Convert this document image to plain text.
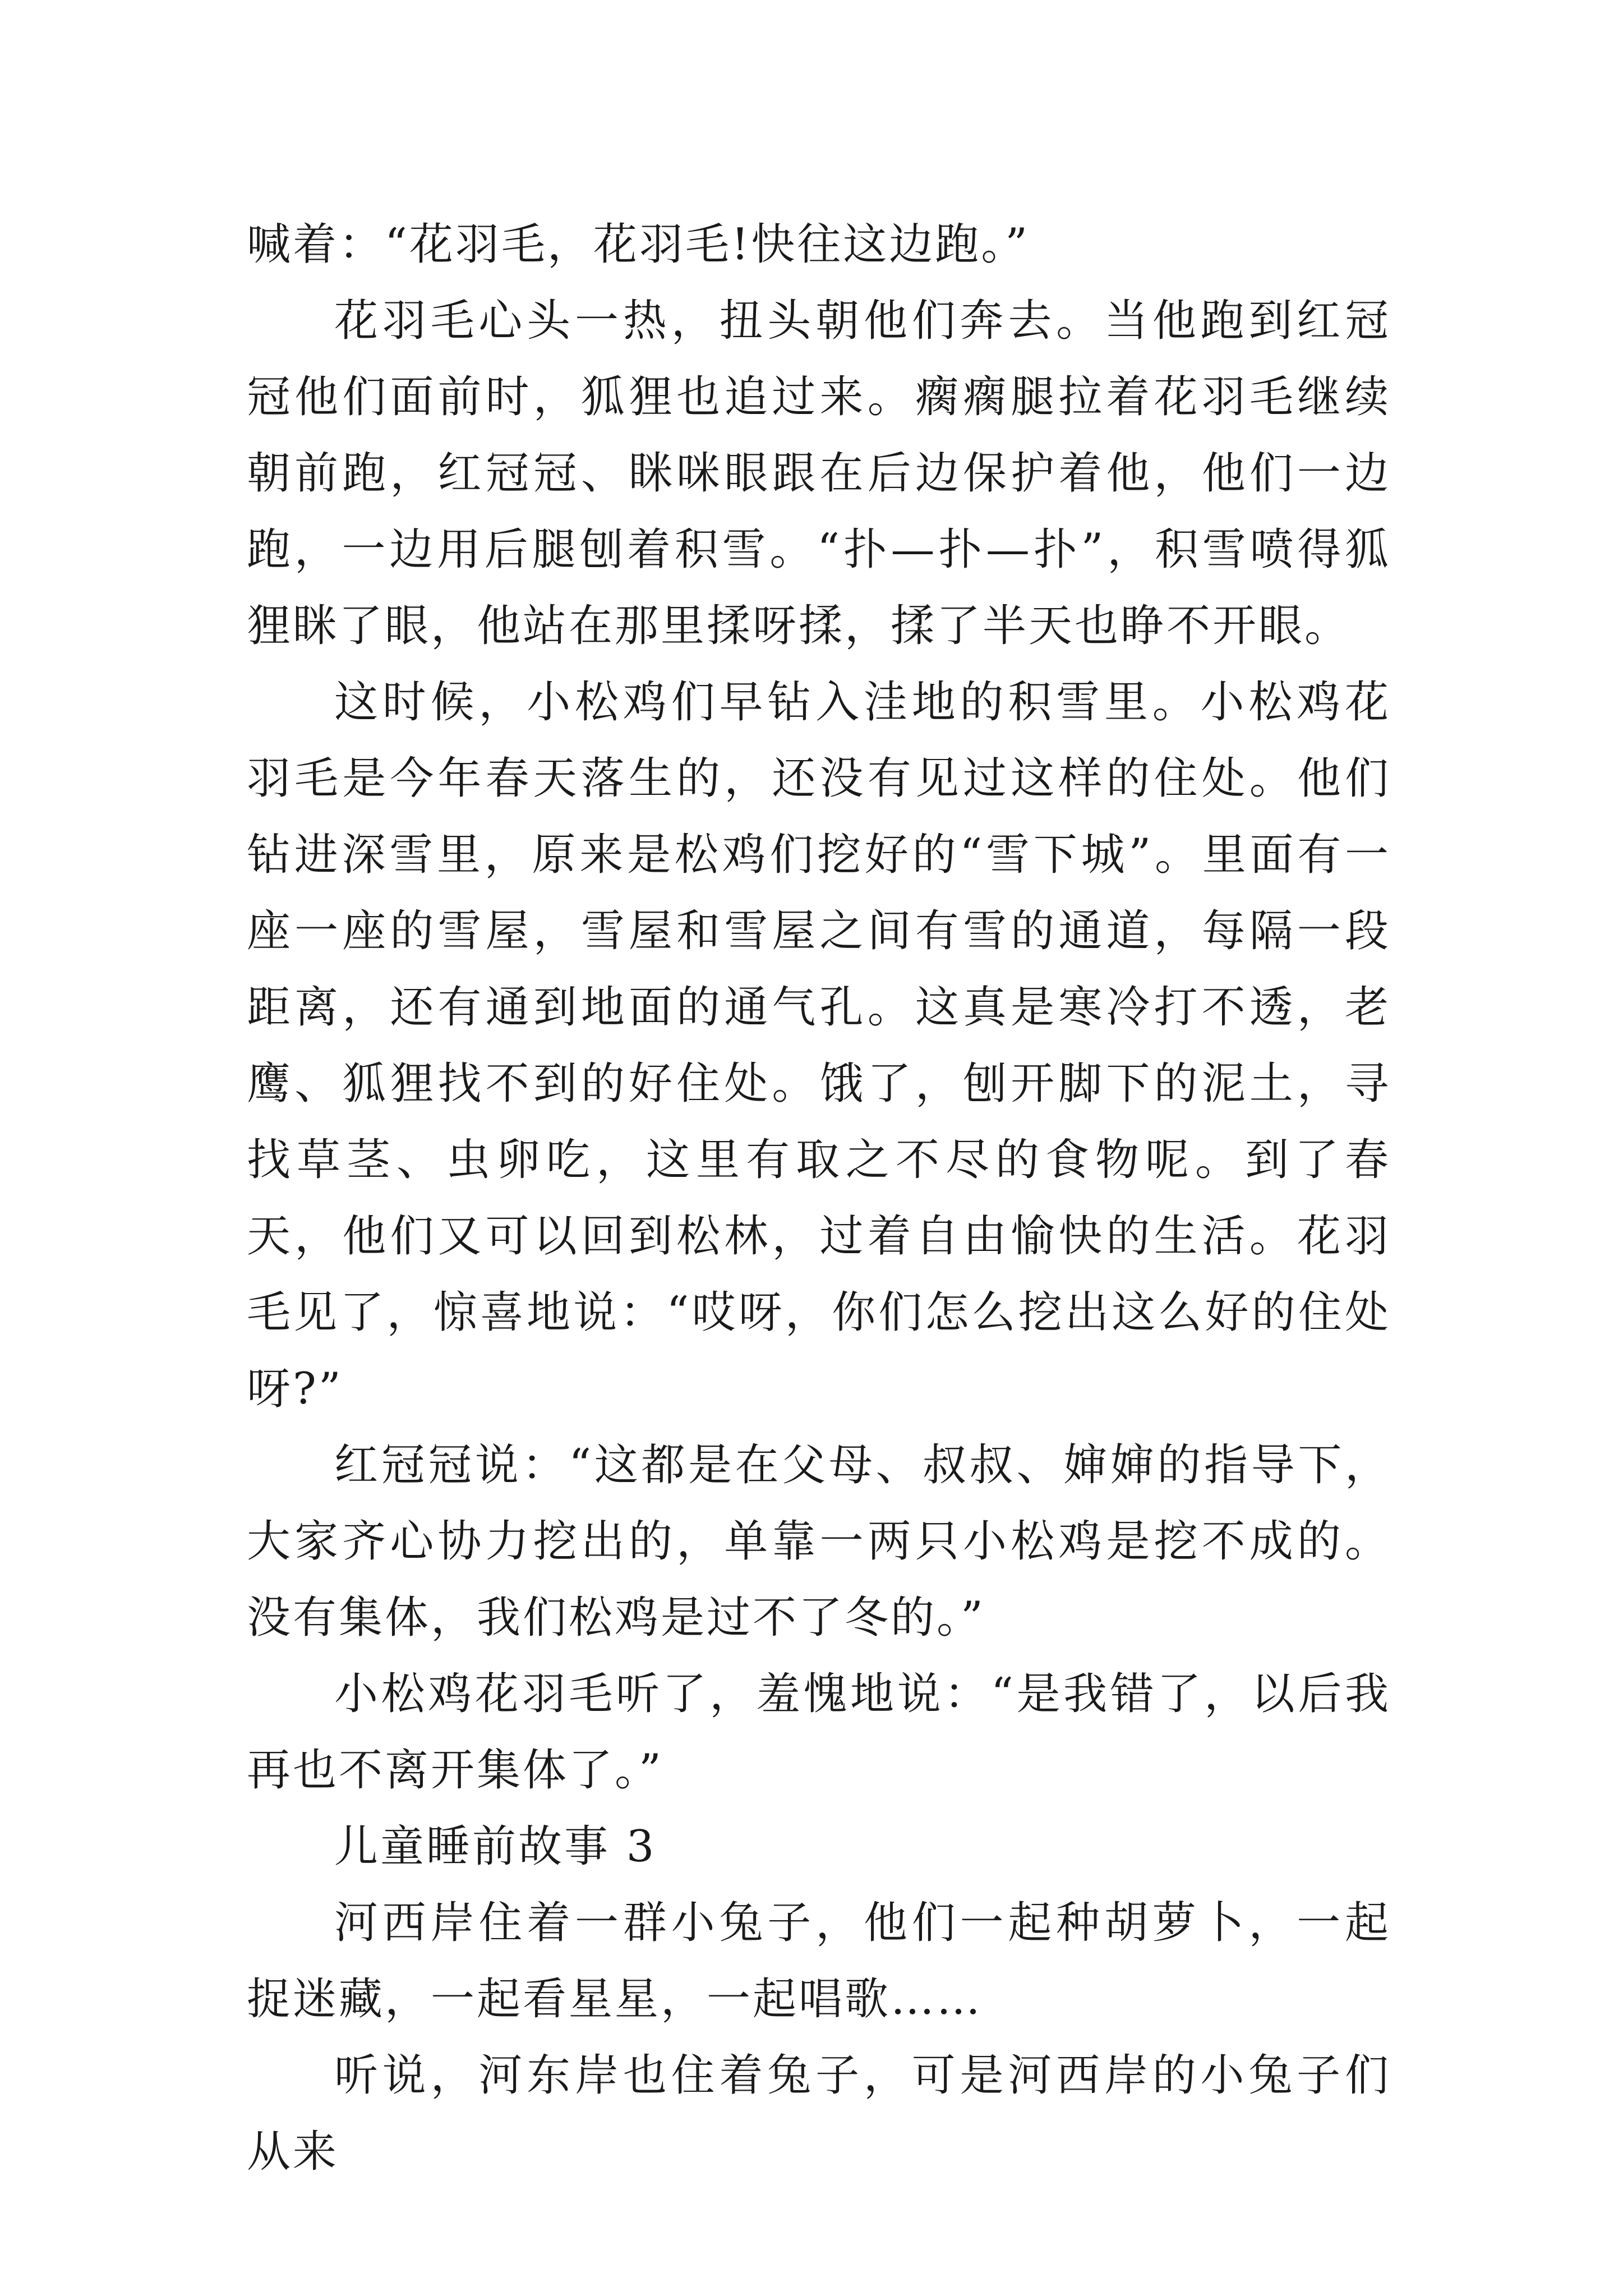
喊着：“花羽毛，花羽毛!快往这边跑。”

花羽毛心头一热，扭头朝他们奔去。当他跑到红冠冠他们面前时，狐狸也追过来。瘸瘸腿拉着花羽毛继续朝前跑，红冠冠、眯咪眼跟在后边保护着他，他们一边跑，一边用后腿刨着积雪。“扑—扑—扑”，积雪喷得狐狸眯了眼，他站在那里揉呀揉，揉了半天也睁不开眼。

这时候，小松鸡们早钻入洼地的积雪里。小松鸡花羽毛是今年春天落生的，还没有见过这样的住处。他们钻进深雪里，原来是松鸡们挖好的“雪下城”。里面有一座一座的雪屋，雪屋和雪屋之间有雪的通道，每隔一段距离，还有通到地面的通气孔。这真是寒冷打不透，老鹰、狐狸找不到的好住处。饿了，刨开脚下的泥土，寻找草茎、虫卵吃，这里有取之不尽的食物呢。到了春天，他们又可以回到松林，过着自由愉快的生活。花羽毛见了，惊喜地说：“哎呀，你们怎么挖出这么好的住处呀?”

红冠冠说：“这都是在父母、叔叔、婶婶的指导下，大家齐心协力挖出的，单靠一两只小松鸡是挖不成的。没有集体，我们松鸡是过不了冬的。”

小松鸡花羽毛听了，羞愧地说：“是我错了，以后我再也不离开集体了。”

儿童睡前故事 3

河西岸住着一群小兔子，他们一起种胡萝卜，一起捉迷藏，一起看星星，一起唱歌……

听说，河东岸也住着兔子，可是河西岸的小兔子们从来
